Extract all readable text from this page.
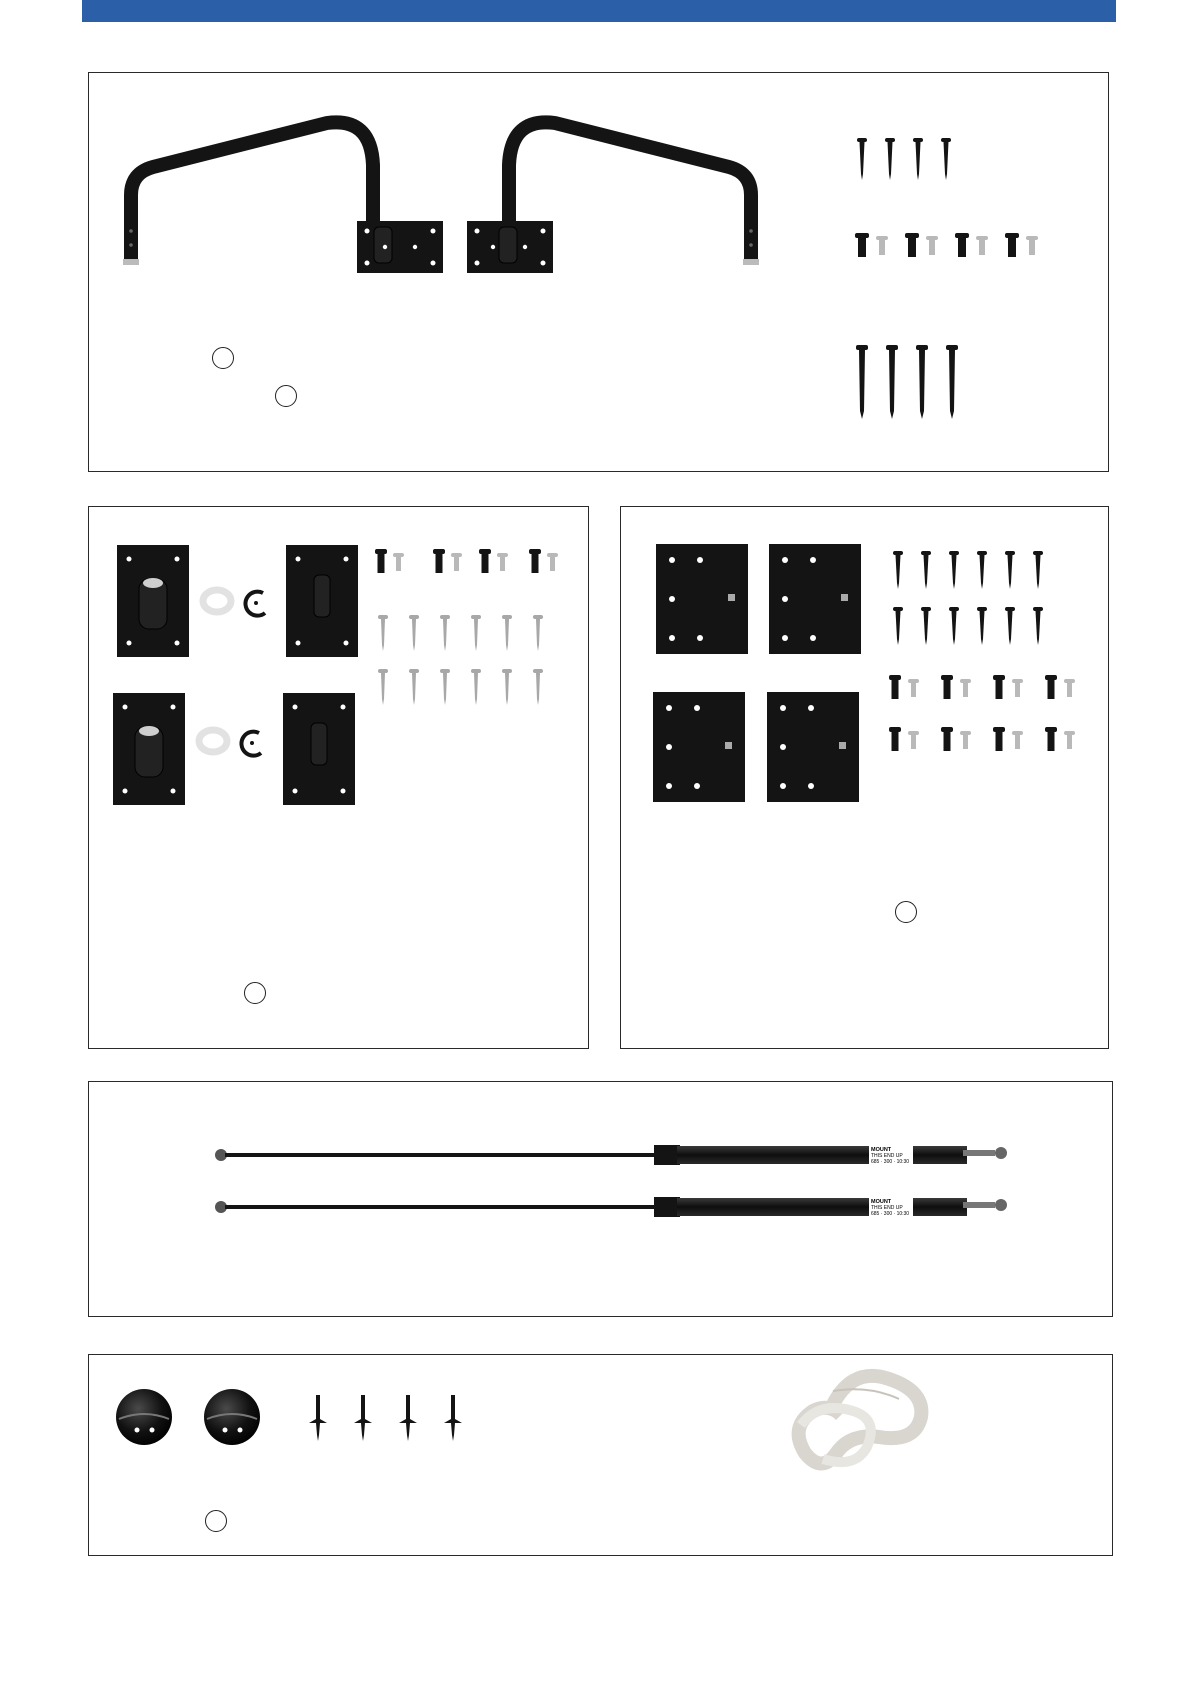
MOUNT
THIS END UP
685 · 300 · 10:30
MOUNT
THIS END UP
685 · 300 · 10:30
